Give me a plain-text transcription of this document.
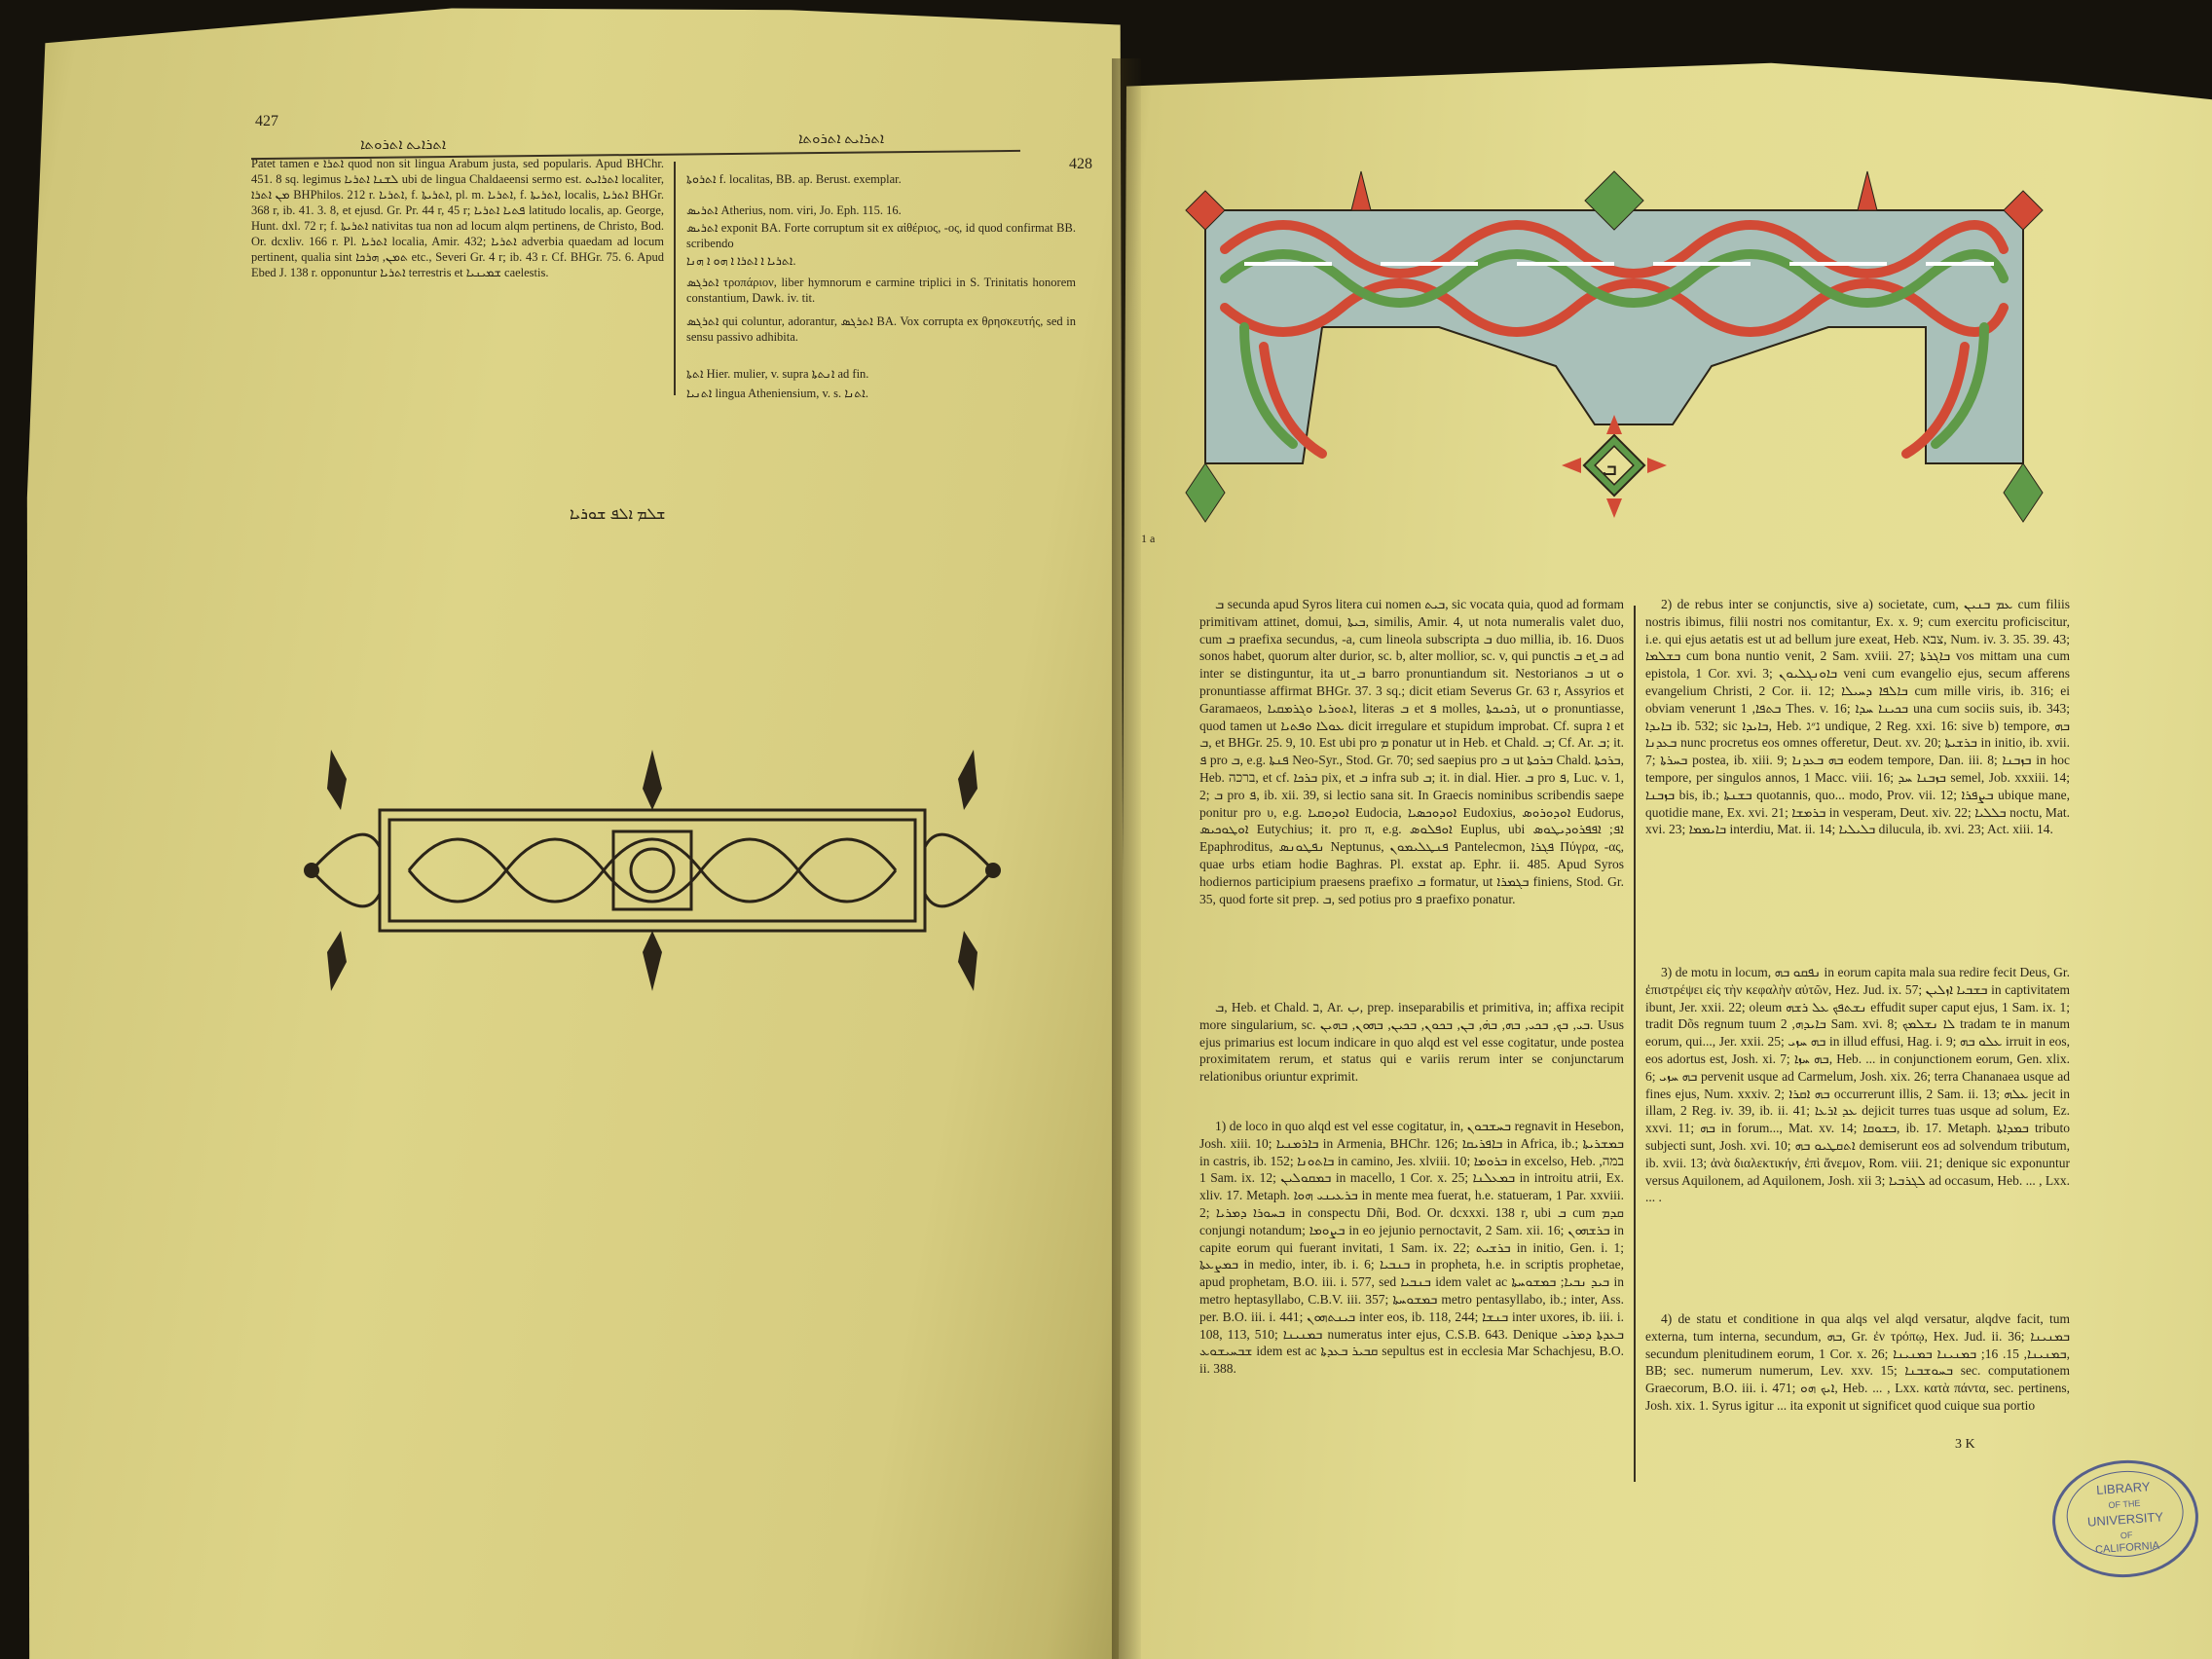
427
ܐܬܪܐܝܬ ܐܬܪܘܬܐ	ܐܬܪܐܝܬ ܐܬܪܘܬܐ
Patet tamen e ܐܬܪܐ quod non sit lingua Arabum justa, sed popularis. Apud BHChr. 451. 8 sq. legimus ܠܫܢܐ ܐܬܪܝܐ ubi de lingua Chaldaeensi sermo est. ܐܬܪܐܝܬ localiter, ܡܢ ܐܬܪܐ BHPhilos. 212 r. ܐܬܪܝܐ, f. ܐܬܪܝܬܐ, pl. m. ܐܬܪܝܐ, f. ܐܬܪܝܬܐ, localis, ܐܬܪܝܐ BHGr. 368 r, ib. 41. 3. 8, et ejusd. Gr. Pr. 44 r, 45 r; ܦܬܝܐ ܐܬܪܝܐ latitudo localis, ap. George, Hunt. dxl. 72 r; f. ܐܬܪܝܬܐ nativitas tua non ad locum alqm pertinens, de Christo, Bod. Or. dcxliv. 166 r. Pl. ܐܬܪܝܐ localia, Amir. 432; ܐܬܪܝܐ adverbia quaedam ad locum pertinent, qualia sint ܬܡܢ, ܗܪܟܐ etc., Severi Gr. 4 r; ib. 43 r. Cf. BHGr. 75. 6. Apud Ebed J. 138 r. opponuntur ܐܬܪܝܐ terrestris et ܫܡܝܢܝܐ caelestis.
ܐܬܪܘܬܐ f. localitas, BB. ap. Berust. exemplar.
ܐܬܪܝܣ Atherius, nom. viri, Jo. Eph. 115. 16.
ܐܬܪܝܣ exponit BA. Forte corruptum sit ex αἰθέριος, -ος, id quod confirmat BB. scribendo
ܐܬܪܝܐ ܐ ܐܬܪܐ ܐ ܗܘ ܐ ܗܢܐ.
ܐܬܪܓܣ τροπάριον, liber hymnorum e carmine triplici in S. Trinitatis honorem constantium, Dawk. iv. tit.
ܐܬܪܓܣ qui coluntur, adorantur, ܐܬܪܓܣ BA. Vox corrupta ex θρησκευτής, sed in sensu passivo adhibita.
ܐܬܬܐ Hier. mulier, v. supra ܐܢܬܬܐ ad fin.
ܐܬܢܝܐ lingua Atheniensium, v. s. ܐܬܢܐ.
ܫܠܡ ܐܠܦ ܫܘܪܝܐ
428
ܒ
1 a
ܒ secunda apud Syros litera cui nomen ܒܝܬ, sic vocata quia, quod ad formam primitivam attinet, domui, ܒܝܬܐ, similis, Amir. 4, ut nota numeralis valet duo, cum ܒ praefixa secundus, -a, cum lineola subscripta ܒ duo millia, ib. 16. Duos sonos habet, quorum alter durior, sc. b, alter mollior, sc. v, qui punctis ܒ et ܒ̱ ad inter se distinguntur, ita ut ܒ̱ barro pronuntiandum sit. Nestorianos ܒ ut ܘ pronuntiasse affirmat BHGr. 37. 3 sq.; dicit etiam Severus Gr. 63 r, Assyrios et Garamaeos, ܐܬܘܪܝܐ ܘܓܪܡܩܝܐ, literas ܒ et ܦ molles, ܪܟܝܟܬܐ, ut ܘ pronuntiasse, quod tamen ut ܥܘܠܐ ܘܦܬܝܐ dicit irregulare et stupidum improbat. Cf. supra ܐ et ܒ, et BHGr. 25. 9, 10. Est ubi pro ܡ ponatur ut in Heb. et Chald. ܒ; Cf. Ar. ܒ; it. ܦ pro ܒ, e.g. ܦܢܬܐ Neo-Syr., Stod. Gr. 70; sed saepius pro ܒ ut ܒܪܟܬܐ Chald. ܒܪܟܬܐ, Heb. ברכה, et cf. ܒܪܟܐ pix, et ܒ infra sub ܒ; it. in dial. Hier. ܒ pro ܦ, Luc. v. 1, 2; ܒ pro ܦ, ib. xii. 39, si lectio sana sit. In Graecis nominibus scribendis saepe ponitur pro υ, e.g. ܐܘܕܘܩܝܐ Eudocia, ܐܘܕܘܟܣܝܐ Eudoxius, ܐܘܕܘܪܘܣ Eudorus, ܐܘܛܘܟܝܣ Eutychius; it. pro π, e.g. ܐܘܦܠܘܣ Euplus, ubi ܐܦ; ܐܦܦܪܘܕܝܛܘܣ Epaphroditus, ܢܦܛܘܢܣ Neptunus, ܦܢܛܠܝܡܘܢ Pantelecmon, ܦܓܪܐ Πύγρα, -ας, quae urbs etiam hodie Baghras. Pl. exstat ap. Ephr. ii. 485. Apud Syros hodiernos participium praesens praefixo ܒ formatur, ut ܒܓܡܪܐ finiens, Stod. Gr. 35, quod forte sit prep. ܒ, sed potius pro ܦ praefixo ponatur.
ܒ, Heb. et Chald. ב, Ar. ب, prep. inseparabilis et primitiva, in; affixa recipit more singularium, sc. ܒܝ, ܒܟ, ܒܟܝ, ܒܗ, ܒܗ̇, ܒܢ, ܒܟܘܢ, ܒܟܝܢ, ܒܗܘܢ, ܒܗܝܢ. Usus ejus primarius est locum indicare in quo alqd est vel esse cogitatur, unde postea proximitatem rerum, et status qui e variis rerum inter se conjunctarum relationibus oriuntur exprimit.
1) de loco in quo alqd est vel esse cogitatur, in, ܒܚܫܒܘܢ regnavit in Hesebon, Josh. xiii. 10; ܒܐܪܡܢܝܐ in Armenia, BHChr. 126; ܒܐܦܪܝܩܐ in Africa, ib.; ܒܡܫܪܝܬܐ in castris, ib. 152; ܒܐܬܘܢܐ in camino, Jes. xlviii. 10; ܒܪܘܡܐ in excelso, Heb. במה, 1 Sam. ix. 12; ܒܡܩܘܠܝܢ in macello, 1 Cor. x. 25; ܒܡܥܠܢܐ in introitu atrii, Ex. xliv. 17. Metaph. ܒܪܥܝܢܝ ܗܘܐ in mente mea fuerat, h.e. statueram, 1 Par. xxviii. 2; ܒܚܘܪܐ ܕܡܪܝܐ in conspectu Dñi, Bod. Or. dcxxxi. 138 r, ubi ܒ cum ܩܕܡ conjungi notandum; ܒܨܘܡܐ in eo jejunio pernoctavit, 2 Sam. xii. 16; ܒܪܫܗܘܢ in capite eorum qui fuerant invitati, 1 Sam. ix. 22; ܒܪܫܝܬ in initio, Gen. i. 1; ܒܡܨܥܬܐ in medio, inter, ib. i. 6; ܒܢܒܝܐ in propheta, h.e. in scriptis prophetae, apud prophetam, B.O. iii. i. 577, sed ܒܢܒܝܐ idem valet ac ܒܝܕ ܢܒܝܐ; ܒܡܫܘܚܬܐ in metro heptasyllabo, C.B.V. iii. 357; ܒܡܫܘܚܬܐ metro pentasyllabo, ib.; inter, Ass. per. B.O. iii. i. 441; ܒܝܢܬܗܘܢ inter eos, ib. 118, 244; ܒܢܫܐ inter uxores, ib. iii. i. 108, 113, 510; ܒܡܢܝܢܐ numeratus inter ejus, C.S.B. 643. Denique ܒܥܕܬܐ ܕܡܪܝ ܫܒܚܝܫܘܥ idem est ac ܩܒܝܪ ܒܥܕܬܐ sepultus est in ecclesia Mar Schachjesu, B.O. ii. 388.
2) de rebus inter se conjunctis, sive a) societate, cum, ܥܡ ܒܢܝܢ cum filiis nostris ibimus, filii nostri nos comitantur, Ex. x. 9; cum exercitu proficiscitur, i.e. qui ejus aetatis est ut ad bellum jure exeat, Heb. צבא, Num. iv. 3. 35. 39. 43; ܒܫܠܡܐ cum bona nuntio venit, 2 Sam. xviii. 27; ܒܐܓܪܬܐ vos mittam una cum epistola, 1 Cor. xvi. 3; ܒܐܘܢܓܠܝܘܢ veni cum evangelio ejus, secum afferens evangelium Christi, 2 Cor. ii. 12; ܒܐܠܦܐ ܕܚܝܠܐ cum mille viris, ib. 316; ei obviam venerunt ܒܬܦܐ, 1 Thes. v. 16; ܒܟܝܢܐ ܚܕܐ una cum sociis suis, ib. 343; ܒܐܝܕܐ ib. 532; sic ܒܐܝܕܐ, Heb. נ״ג undique, 2 Reg. xxi. 16: sive b) tempore, ܒܗ ܒܥܕܢܐ nunc procretus eos omnes offeretur, Deut. xv. 20; ܒܪܫܝܬܐ in initio, ib. xvii. 7; ܒܚܪܬܐ postea, ib. xiii. 9; ܒܗ ܒܥܕܢܐ eodem tempore, Dan. iii. 8; ܒܙܒܢܐ in hoc tempore, per singulos annos, 1 Macc. viii. 16; ܒܙܒܢܐ ܚܕ semel, Job. xxxiii. 14; ܒܙܒܢܐ bis, ib.; ܒܫܢܬܐ quotannis, quo... modo, Prov. vii. 12; ܒܨܦܪܐ ubique mane, quotidie mane, Ex. xvi. 21; ܒܪܡܫܐ in vesperam, Deut. xiv. 22; ܒܠܠܝܐ noctu, Mat. xvi. 23; ܒܐܝܡܡܐ interdiu, Mat. ii. 14; ܒܠܝܠܝܐ dilucula, ib. xvi. 23; Act. xiii. 14.
3) de motu in locum, ܢܦܩܘ ܒܗ in eorum capita mala sua redire fecit Deus, Gr. ἐπιστρέψει εἰς τὴν κεφαλὴν αὐτῶν, Hez. Jud. ix. 57; ܒܫܒܝܐ ܐܙܠܝܢ in captivitatem ibunt, Jer. xxii. 22; oleum ܢܫܬܦܟ ܥܠ ܪܫܗ effudit super caput ejus, 1 Sam. ix. 1; tradit Dõs regnum tuum ܒܐܝܕܗ, 2 Sam. xvi. 8; ܠܐ ܢܫܠܡܟ tradam te in manum eorum, qui..., Jer. xxii. 25; ܒܗ ܚܙܝ in illud effusi, Hag. i. 9; ܥܠܘ ܒܗ irruit in eos, eos adortus est, Josh. xi. 7; ܒܗ ܚܙܐ, Heb. ... in conjunctionem eorum, Gen. xlix. 6; ܒܗ ܚܙܝ pervenit usque ad Carmelum, Josh. xix. 26; terra Chananaea usque ad fines ejus, Num. xxxiv. 2; ܒܗ ܐܩܪܐ occurrerunt illis, 2 Sam. ii. 13; ܥܠܗ jecit in illam, 2 Reg. iv. 39, ib. ii. 41; ܥܕ ܐܪܥܐ dejicit turres tuas usque ad solum, Ez. xxvi. 11; ܒܗ in forum..., Mat. xv. 14; ܒܫܘܩܐ, ib. 17. Metaph. ܒܡܕܐܬܐ tributo subjecti sunt, Josh. xvi. 10; ܐܬܩܛܝܘ ܒܗ demiserunt eos ad solvendum tributum, ib. xvii. 13; ἀνὰ διαλεκτικήν, ἐπὶ ἄνεμον, Rom. viii. 21; denique sic exponuntur versus Aquilonem, ad Aquilonem, Josh. xii 3; ܠܓܪܒܝܐ ad occasum, Heb. ... , Lxx. ... .
4) de statu et conditione in qua alqs vel alqd versatur, alqdve facit, tum externa, tum interna, secundum, ܒܗ, Gr. ἐν τρόπῳ, Hex. Jud. ii. 36; ܒܡܢܝܢܐ secundum plenitudinem eorum, 1 Cor. x. 26; ܒܡܢܝܢܐ, 15. 16; ܒܡܢܝܢܐ ܒܡܢܝܢܐ, BB; sec. numerum numerum, Lev. xxv. 15; ܒܚܘܫܒܢܐ sec. computationem Graecorum, B.O. iii. i. 471; ܐܝܟ ܗܘ, Heb. ... , Lxx. κατὰ πάντα, sec. pertinens, Josh. xix. 1. Syrus igitur ... ita exponit ut significet quod cuique sua portio
3 K
LIBRARY
OF THE
UNIVERSITY
OF
CALIFORNIA
